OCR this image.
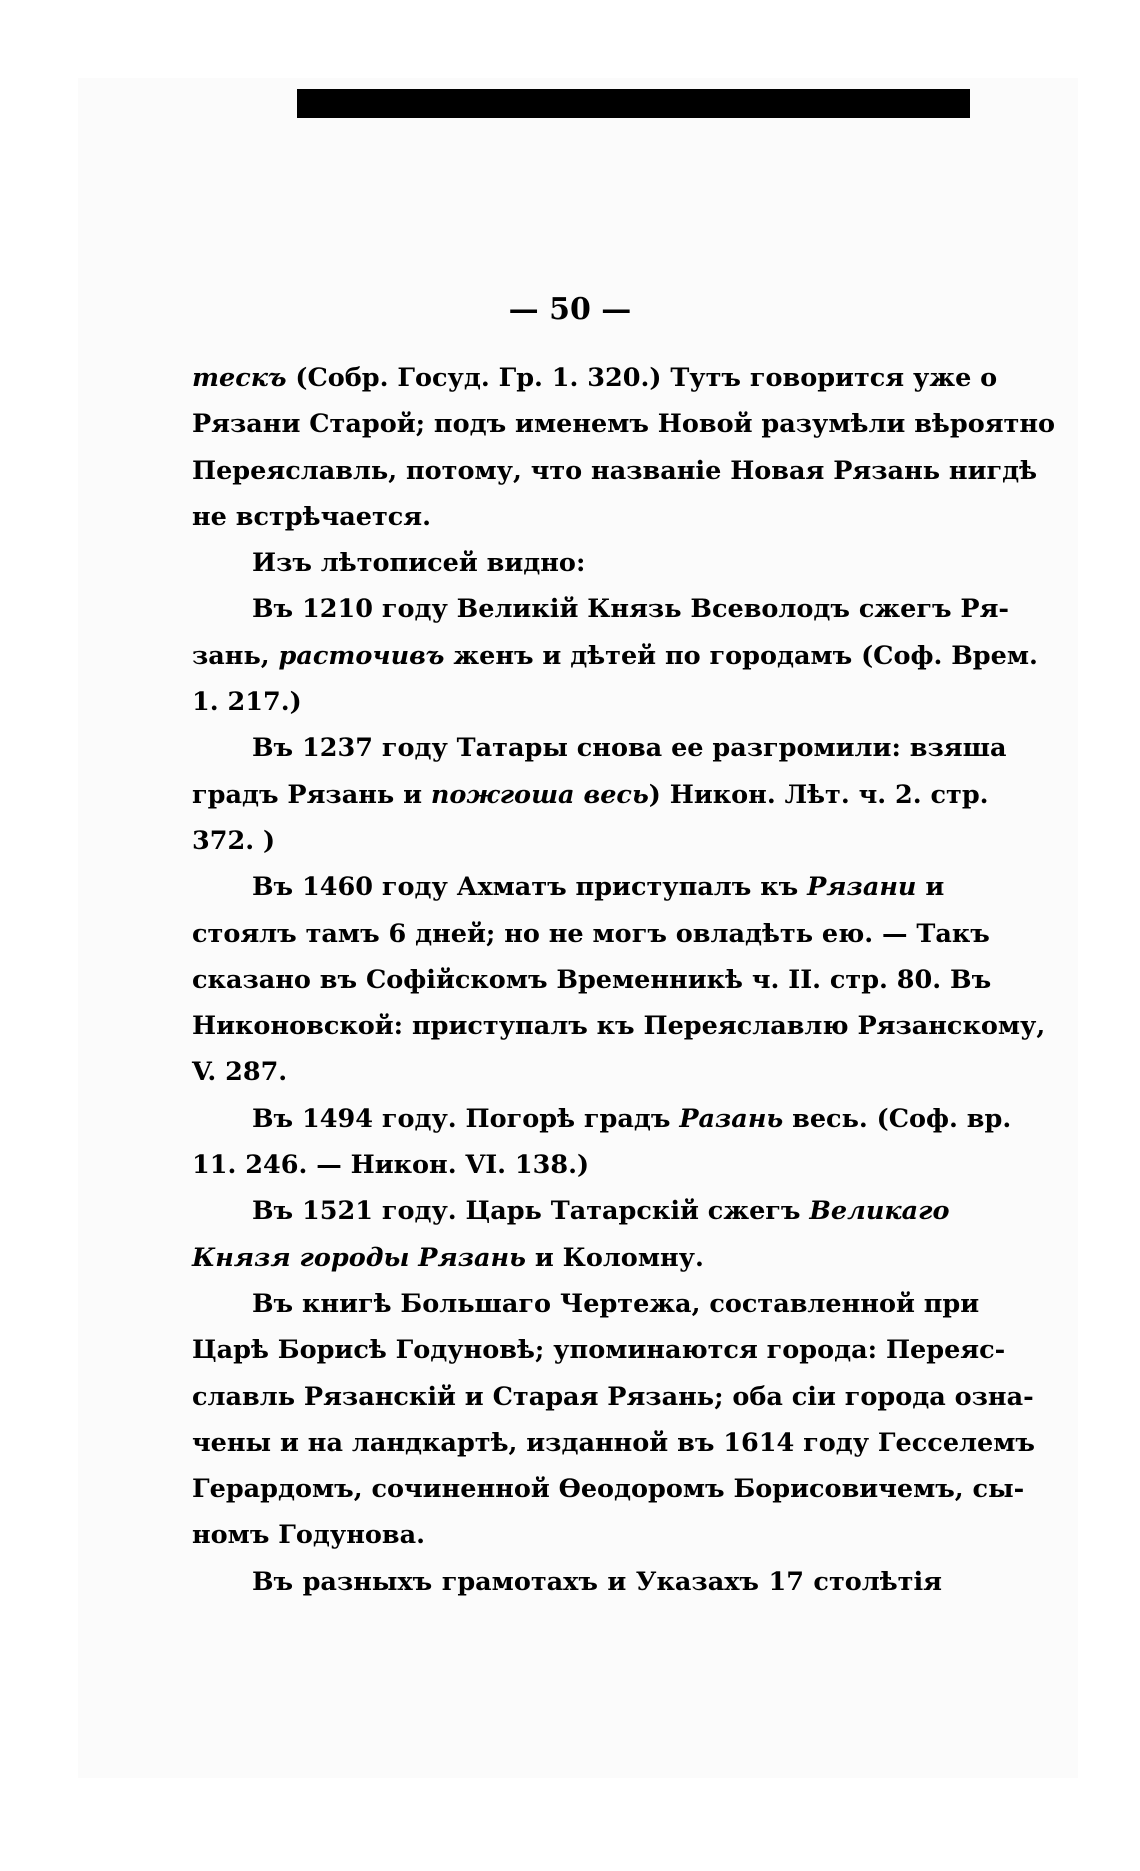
— 50 —
тескъ (Собр. Госуд. Гр. 1. 320.) Тутъ говорится уже о
Рязани Старой; подъ именемъ Новой разумѣли вѣроятно
Переяславль, потому, что названіе Новая Рязань нигдѣ
не встрѣчается.
Изъ лѣтописей видно:
Въ 1210 году Великій Князь Всеволодъ сжегъ Ря-
зань, расточивъ женъ и дѣтей по городамъ (Соф. Врем.
1. 217.)
Въ 1237 году Татары снова ее разгромили: взяша
градъ Рязань и пожгоша весь) Никон. Лѣт. ч. 2. стр.
372. )
Въ 1460 году Ахматъ приступалъ къ Рязани и
стоялъ тамъ 6 дней; но не могъ овладѣть ею. — Такъ
сказано въ Софійскомъ Временникѣ ч. II. стр. 80. Въ
Никоновской: приступалъ къ Переяславлю Рязанскому,
V. 287.
Въ 1494 году. Погорѣ градъ Разань весь. (Соф. вр.
11. 246. — Никон. VI. 138.)
Въ 1521 году. Царь Татарскій сжегъ Великаго
Князя городы Рязань и Коломну.
Въ книгѣ Большаго Чертежа, составленной при
Царѣ Борисѣ Годуновѣ; упоминаются города: Переяс-
славль Рязанскій и Старая Рязань; оба сіи города озна-
чены и на ландкартѣ, изданной въ 1614 году Гесселемъ
Герардомъ, сочиненной Ѳеодоромъ Борисовичемъ, сы-
номъ Годунова.
Въ разныхъ грамотахъ и Указахъ 17 столѣтія
